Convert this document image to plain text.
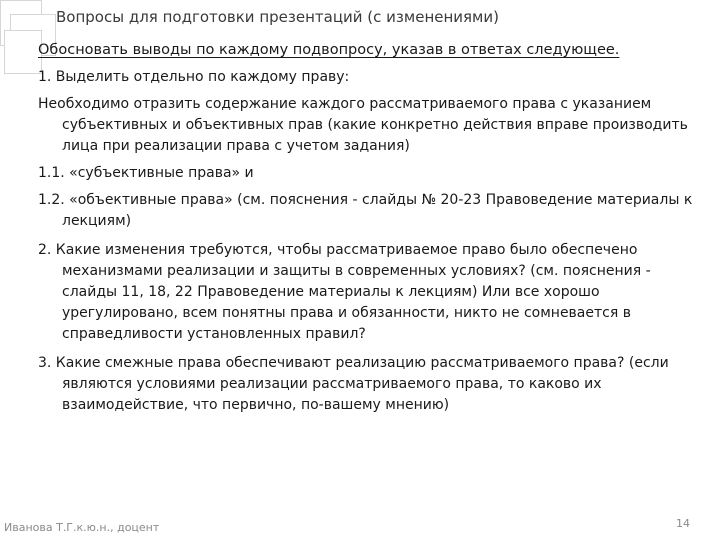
Вопросы для подготовки презентаций (с изменениями)

Обосновать выводы по каждому подвопросу, указав в ответах следующее.

1. Выделить отдельно по каждому праву:

Необходимо отразить содержание каждого рассматриваемого права с указанием субъективных и объективных прав (какие конкретно действия вправе производить лица при реализации права с учетом задания)

1.1. «субъективные права» и

1.2. «объективные права» (см. пояснения - слайды № 20-23 Правоведение материалы к лекциям)

2. Какие изменения требуются, чтобы рассматриваемое право было обеспечено механизмами реализации и защиты в современных условиях? (см. пояснения - слайды 11, 18, 22 Правоведение материалы к лекциям) Или все хорошо урегулировано, всем понятны права и обязанности, никто не сомневается в справедливости установленных правил?

3. Какие смежные права обеспечивают реализацию рассматриваемого права? (если являются условиями реализации рассматриваемого права, то каково их взаимодействие, что первично, по-вашему мнению)

Иванова Т.Г.к.ю.н., доцент	14
